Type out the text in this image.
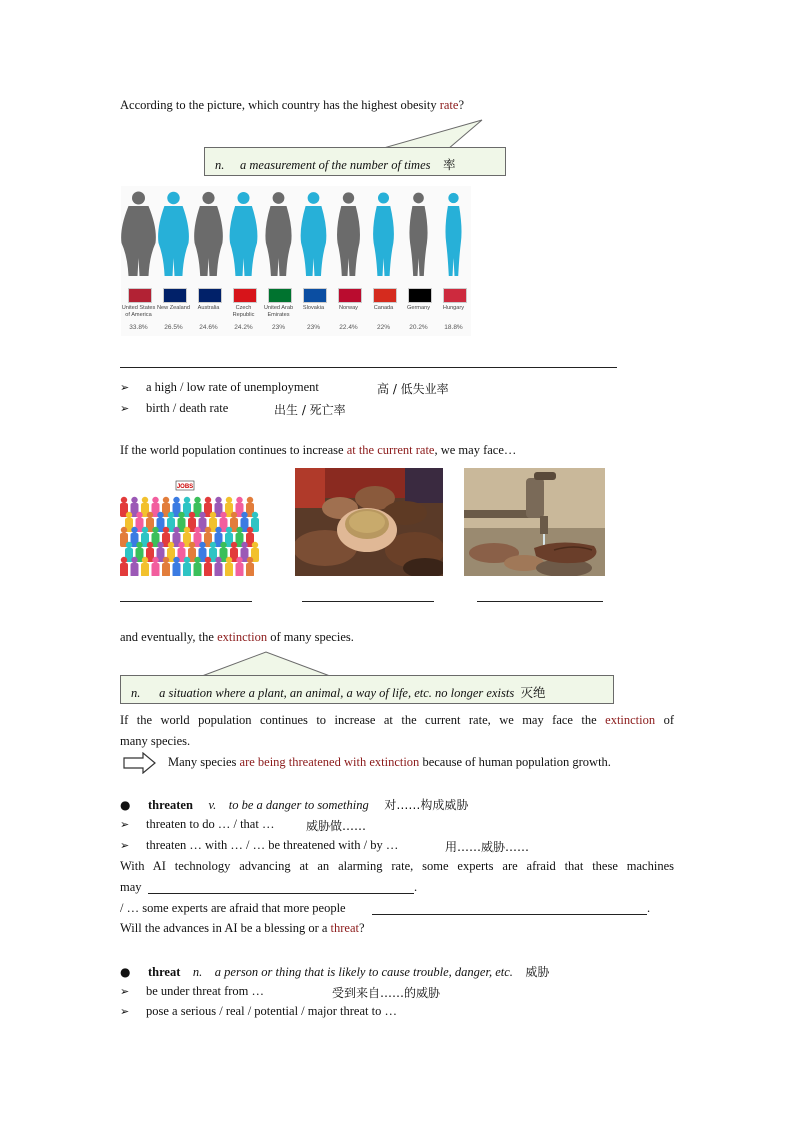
According to the picture, which country has the highest obesity rate?
n. a measurement of the number of times 率
United States of America
33.8%
New Zealand
26.5%
Australia
24.6%
Czech Republic
24.2%
United Arab Emirates
23%
Slovakia
23%
Norway
22.4%
Canada
22%
Germany
20.2%
Hungary
18.8%
➢ a high / low rate of unemployment	高 / 低失业率
➢ birth / death rate	出生 / 死亡率
If the world population continues to increase at the current rate, we may face…
JOBS
and eventually, the extinction of many species.
n. a situation where a plant, an animal, a way of life, etc. no longer exists 灭绝
If the world population continues to increase at the current rate, we may face the extinction of
many species.
Many species are being threatened with extinction because of human population growth.
● threaten v. to be a danger to something 对……构成威胁
➢ threaten to do … / that …	威胁做……
➢ threaten … with … / … be threatened with / by …	用……威胁……
With AI technology advancing at an alarming rate, some experts are afraid that these machines
may	.
/ … some experts are afraid that more people	.
Will the advances in AI be a blessing or a threat?
● threat n. a person or thing that is likely to cause trouble, danger, etc. 威胁
➢ be under threat from …	受到来自……的威胁
➢ pose a serious / real / potential / major threat to …
